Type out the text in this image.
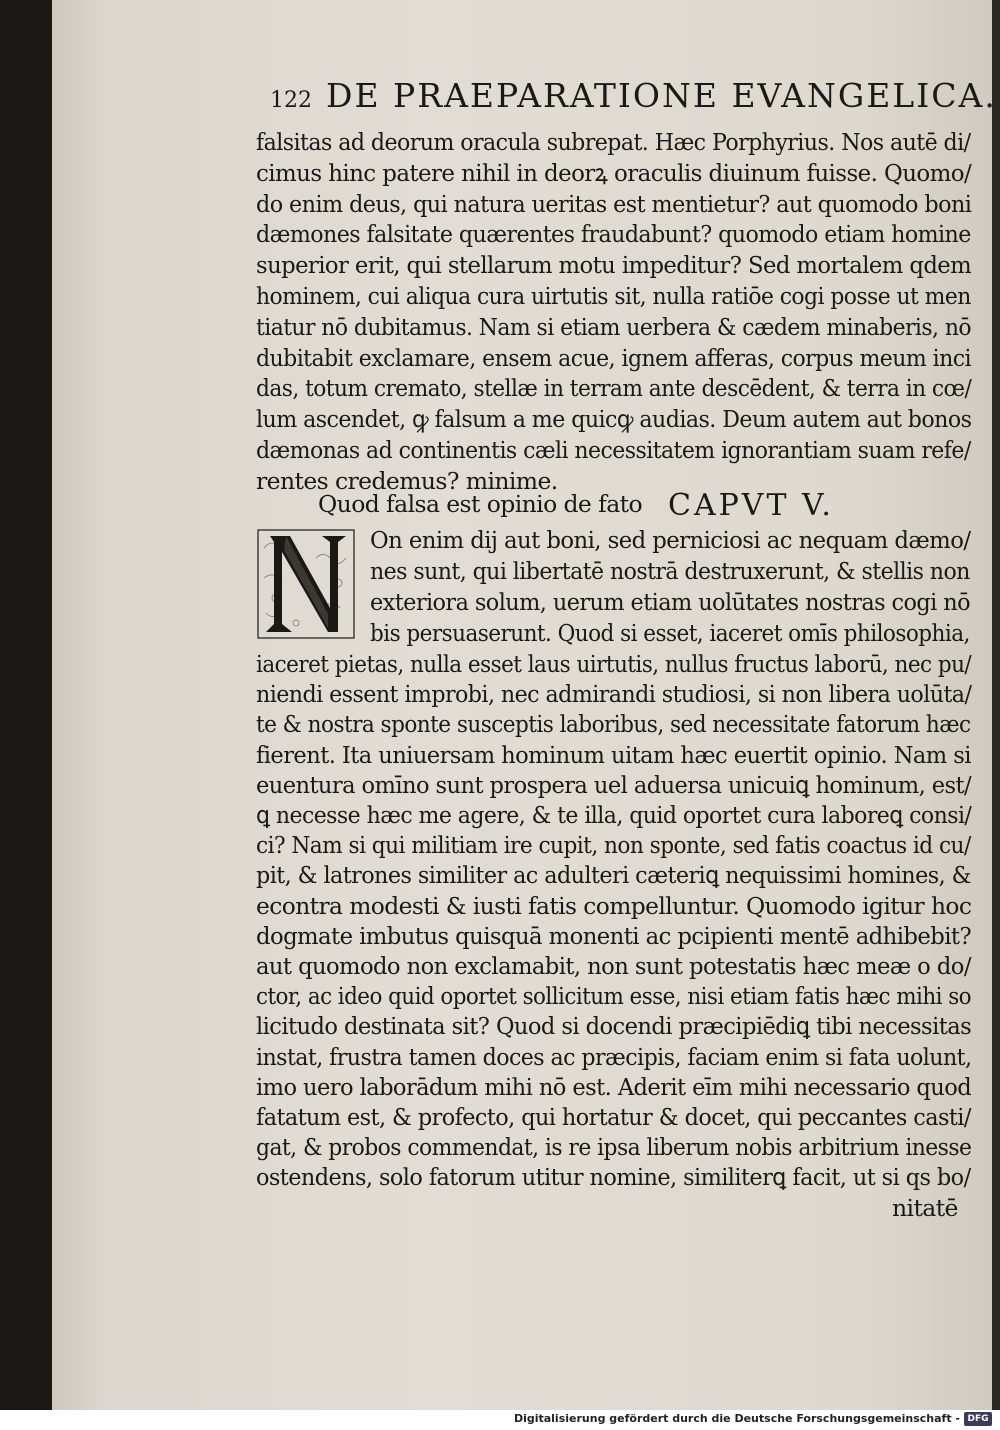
122 DE PRAEPARATIONE EVANGELICA.
falsitas ad deorum oracula subrepat. Hæc Porphyrius. Nos autē di/
cimus hinc patere nihil in deorꝝ oraculis diuinum fuisse. Quomo/
do enim deus, qui natura ueritas est mentietur? aut quomodo boni
dæmones falsitate quærentes fraudabunt? quomodo etiam homine
superior erit, qui stellarum motu impeditur? Sed mortalem qdem
hominem, cui aliqua cura uirtutis sit, nulla ratiōe cogi posse ut men
tiatur nō dubitamus. Nam si etiam uerbera & cædem minaberis, nō
dubitabit exclamare, ensem acue, ignem afferas, corpus meum inci
das, totum cremato, stellæ in terram ante descēdent, & terra in cœ/
lum ascendet, ꝙ falsum a me quicꝙ audias. Deum autem aut bonos
dæmonas ad continentis cæli necessitatem ignorantiam suam refe/
rentes credemus? minime.
Quod falsa est opinio de fato CAPVT V.
On enim dij aut boni, sed perniciosi ac nequam dæmo/
nes sunt, qui libertatē nostrā destruxerunt, & stellis non
exteriora solum, uerum etiam uolūtates nostras cogi nō
bis persuaserunt. Quod si esset, iaceret omīs philosophia,
iaceret pietas, nulla esset laus uirtutis, nullus fructus laborū, nec pu/
niendi essent improbi, nec admirandi studiosi, si non libera uolūta/
te & nostra sponte susceptis laboribus, sed necessitate fatorum hæc
fierent. Ita uniuersam hominum uitam hæc euertit opinio. Nam si
euentura omīno sunt prospera uel aduersa unicuiꝗ hominum, est/
ꝗ necesse hæc me agere, & te illa, quid oportet cura laboreꝗ consi/
ci? Nam si qui militiam ire cupit, non sponte, sed fatis coactus id cu/
pit, & latrones similiter ac adulteri cæteriꝗ nequissimi homines, &
econtra modesti & iusti fatis compelluntur. Quomodo igitur hoc
dogmate imbutus quisquā monenti ac pcipienti mentē adhibebit?
aut quomodo non exclamabit, non sunt potestatis hæc meæ o do/
ctor, ac ideo quid oportet sollicitum esse, nisi etiam fatis hæc mihi so
licitudo destinata sit? Quod si docendi præcipiēdiꝗ tibi necessitas
instat, frustra tamen doces ac præcipis, faciam enim si fata uolunt,
imo uero laborādum mihi nō est. Aderit eīm mihi necessario quod
fatatum est, & profecto, qui hortatur & docet, qui peccantes casti/
gat, & probos commendat, is re ipsa liberum nobis arbitrium inesse
ostendens, solo fatorum utitur nomine, similiterꝗ facit, ut si qs bo/
nitatē
Digitalisierung gefördert durch die Deutsche Forschungsgemeinschaft - DFG
